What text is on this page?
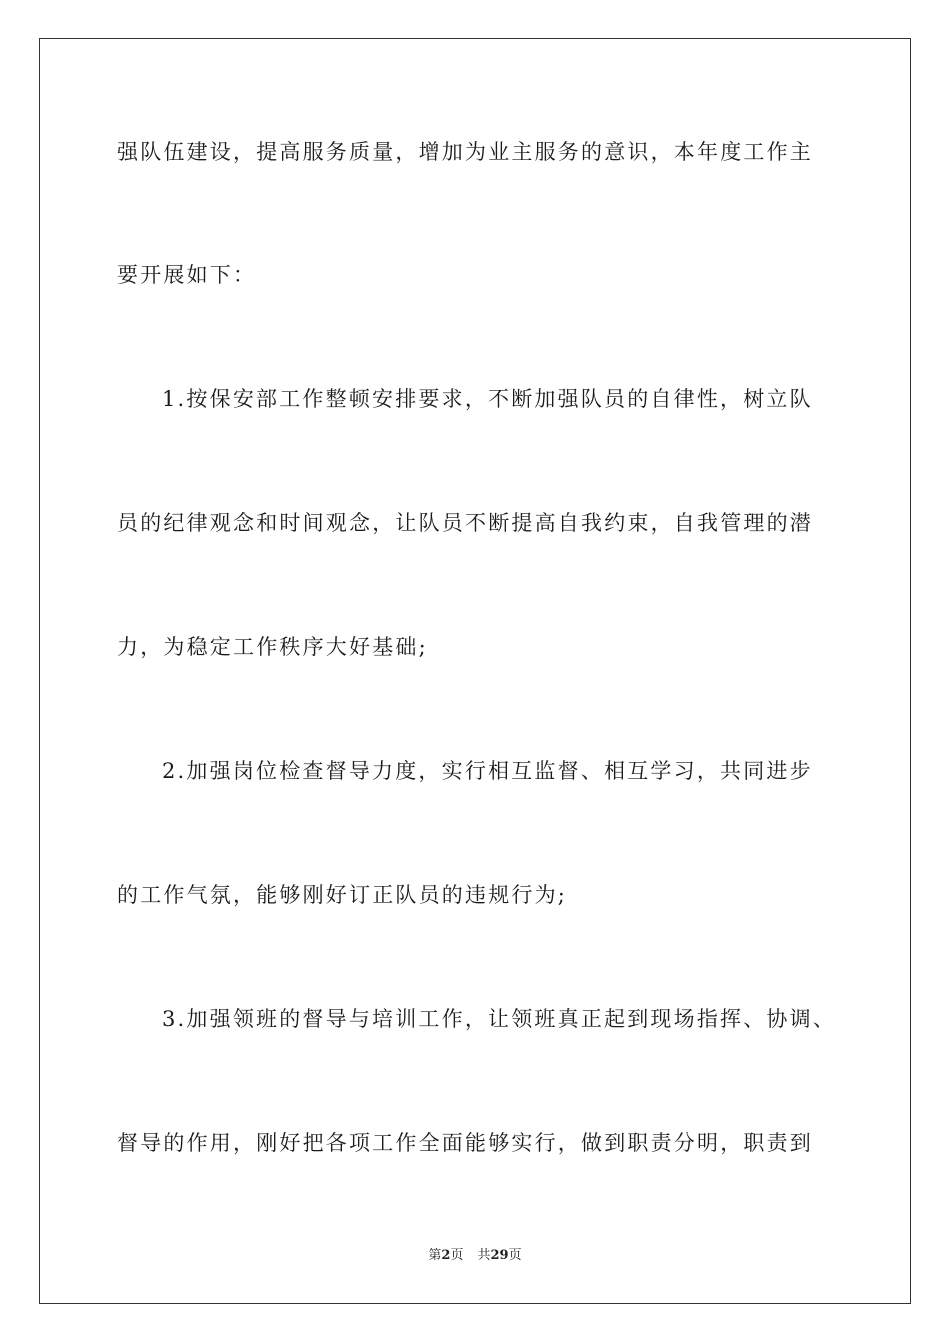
强队伍建设，提高服务质量，增加为业主服务的意识，本年度工作主
要开展如下：
1.按保安部工作整顿安排要求，不断加强队员的自律性，树立队
员的纪律观念和时间观念，让队员不断提高自我约束，自我管理的潜
力，为稳定工作秩序大好基础;
2.加强岗位检查督导力度，实行相互监督、相互学习，共同进步
的工作气氛，能够刚好订正队员的违规行为;
3.加强领班的督导与培训工作，让领班真正起到现场指挥、协调、
督导的作用，刚好把各项工作全面能够实行，做到职责分明，职责到
第2页 共29页
